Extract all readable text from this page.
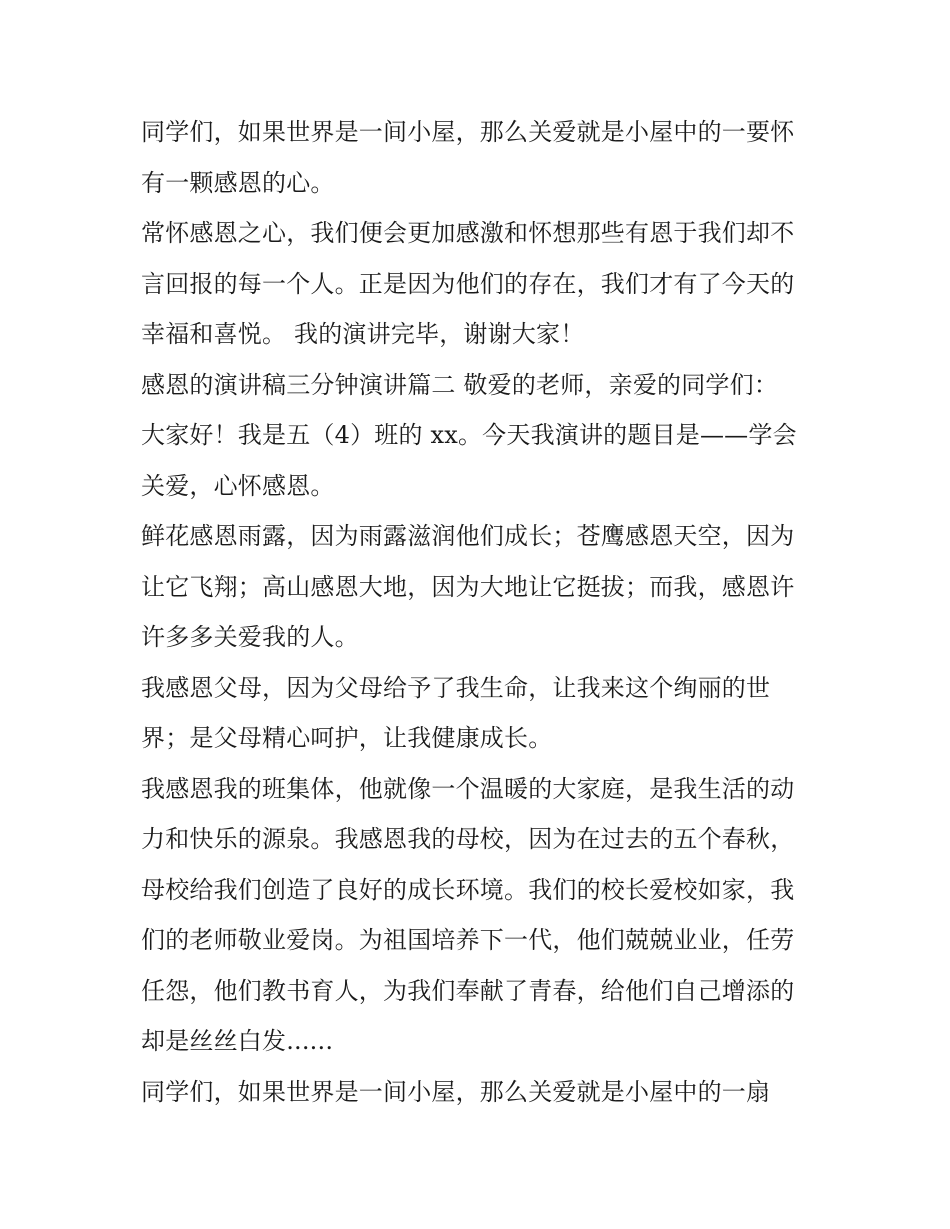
同学们，如果世界是一间小屋，那么关爱就是小屋中的一要怀
有一颗感恩的心。
常怀感恩之心，我们便会更加感激和怀想那些有恩于我们却不
言回报的每一个人。正是因为他们的存在，我们才有了今天的
幸福和喜悦。 我的演讲完毕，谢谢大家！
感恩的演讲稿三分钟演讲篇二 敬爱的老师，亲爱的同学们：
大家好！我是五（4）班的 xx。今天我演讲的题目是——学会
关爱，心怀感恩。
鲜花感恩雨露，因为雨露滋润他们成长；苍鹰感恩天空，因为
让它飞翔；高山感恩大地，因为大地让它挺拔；而我，感恩许
许多多关爱我的人。
我感恩父母，因为父母给予了我生命，让我来这个绚丽的世
界；是父母精心呵护，让我健康成长。
我感恩我的班集体，他就像一个温暖的大家庭，是我生活的动
力和快乐的源泉。我感恩我的母校，因为在过去的五个春秋，
母校给我们创造了良好的成长环境。我们的校长爱校如家，我
们的老师敬业爱岗。为祖国培养下一代，他们兢兢业业，任劳
任怨，他们教书育人，为我们奉献了青春，给他们自己增添的
却是丝丝白发......
同学们，如果世界是一间小屋，那么关爱就是小屋中的一扇
